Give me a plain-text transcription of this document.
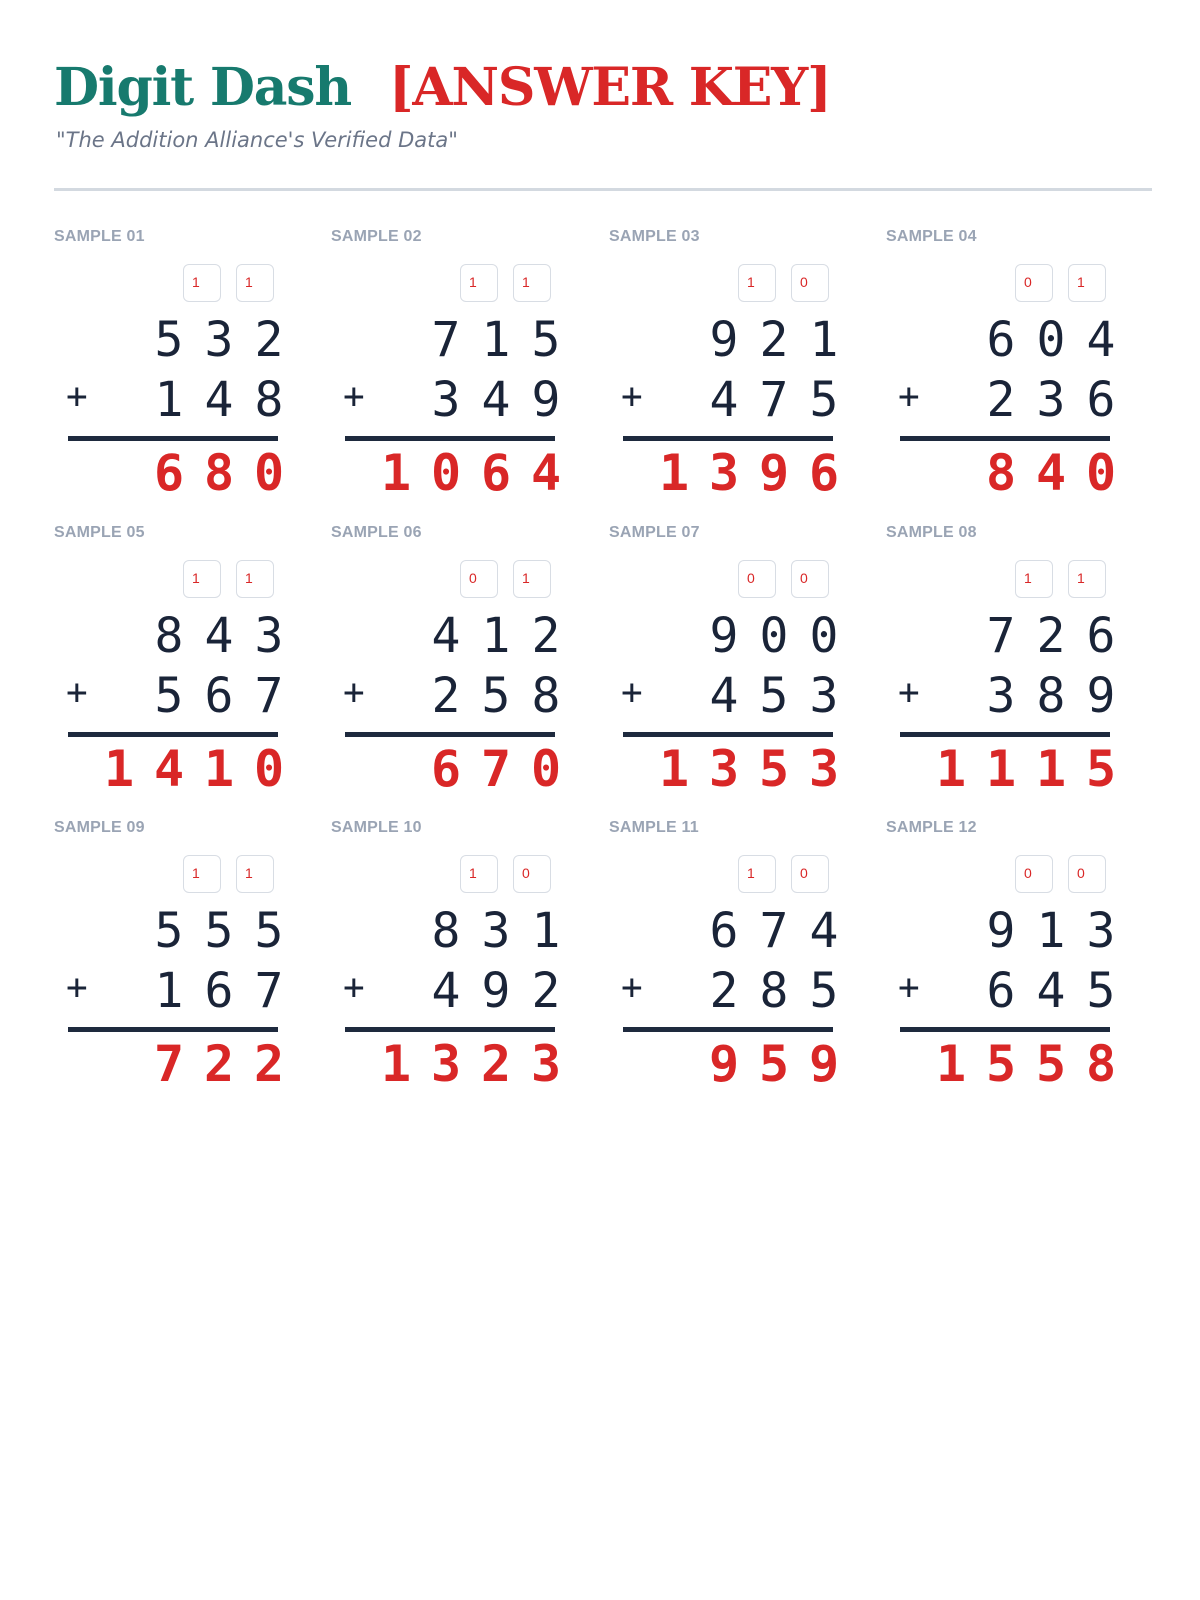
Digit Dash [ANSWER KEY]
"The Addition Alliance's Verified Data"
SAMPLE 01
1	1
5 3 2
+ 1 4 8
6 8 0
SAMPLE 02
1	1
7 1 5
+ 3 4 9
1 0 6 4
SAMPLE 03
1	0
9 2 1
+ 4 7 5
1 3 9 6
SAMPLE 04
0	1
6 0 4
+ 2 3 6
8 4 0
SAMPLE 05
1	1
8 4 3
+ 5 6 7
1 4 1 0
SAMPLE 06
0	1
4 1 2
+ 2 5 8
6 7 0
SAMPLE 07
0	0
9 0 0
+ 4 5 3
1 3 5 3
SAMPLE 08
1	1
7 2 6
+ 3 8 9
1 1 1 5
SAMPLE 09
1	1
5 5 5
+ 1 6 7
7 2 2
SAMPLE 10
1	0
8 3 1
+ 4 9 2
1 3 2 3
SAMPLE 11
1	0
6 7 4
+ 2 8 5
9 5 9
SAMPLE 12
0	0
9 1 3
+ 6 4 5
1 5 5 8
